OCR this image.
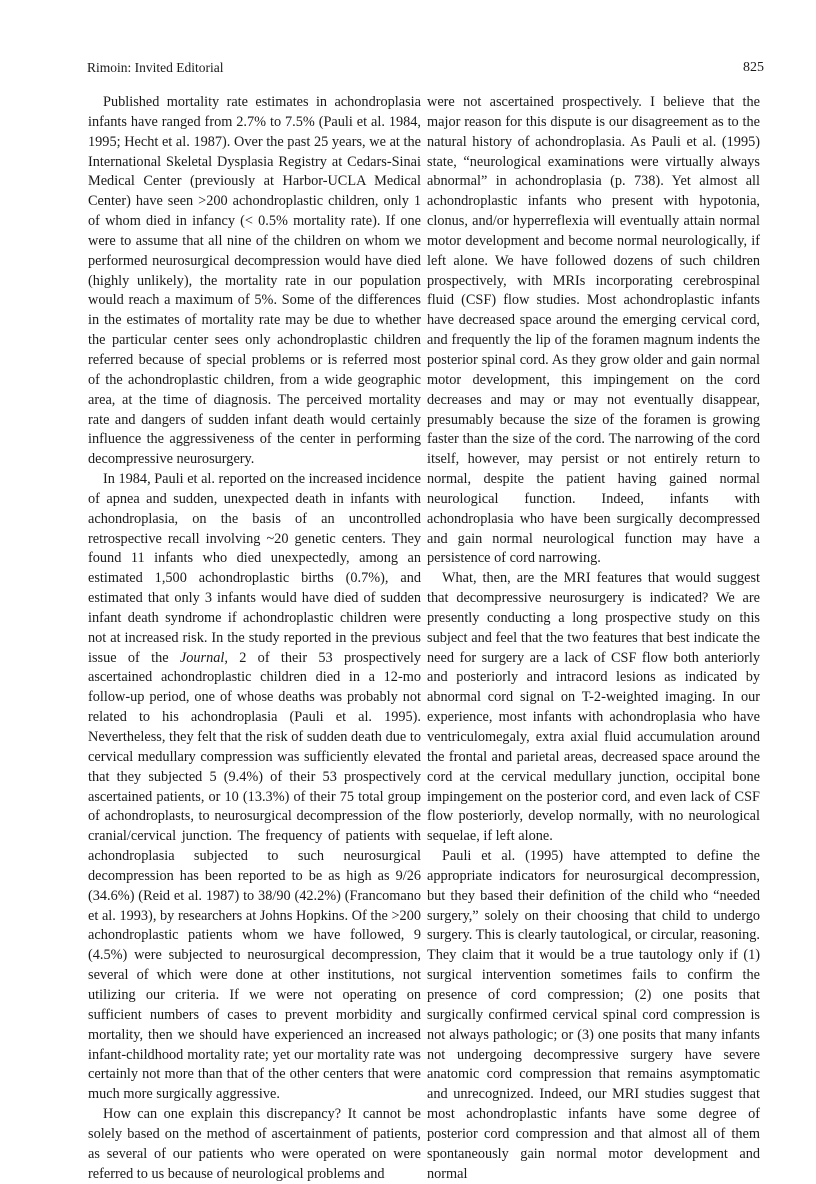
Rimoin: Invited Editorial	825

Published mortality rate estimates in achondroplasia infants have ranged from 2.7% to 7.5% (Pauli et al. 1984, 1995; Hecht et al. 1987). Over the past 25 years, we at the International Skeletal Dysplasia Registry at Cedars-Sinai Medical Center (previously at Harbor-UCLA Medical Center) have seen >200 achondroplastic children, only 1 of whom died in infancy (< 0.5% mortality rate). If one were to assume that all nine of the children on whom we performed neurosurgical decompression would have died (highly unlikely), the mortality rate in our population would reach a maximum of 5%. Some of the differences in the estimates of mortality rate may be due to whether the particular center sees only achondroplastic children referred because of special problems or is referred most of the achondroplastic children, from a wide geographic area, at the time of diagnosis. The perceived mortality rate and dangers of sudden infant death would certainly influence the aggressiveness of the center in performing decompressive neurosurgery.

In 1984, Pauli et al. reported on the increased incidence of apnea and sudden, unexpected death in infants with achondroplasia, on the basis of an uncontrolled retrospective recall involving ~20 genetic centers. They found 11 infants who died unexpectedly, among an estimated 1,500 achondroplastic births (0.7%), and estimated that only 3 infants would have died of sudden infant death syndrome if achondroplastic children were not at increased risk. In the study reported in the previous issue of the Journal, 2 of their 53 prospectively ascertained achondroplastic children died in a 12-mo follow-up period, one of whose deaths was probably not related to his achondroplasia (Pauli et al. 1995). Nevertheless, they felt that the risk of sudden death due to cervical medullary compression was sufficiently elevated that they subjected 5 (9.4%) of their 53 prospectively ascertained patients, or 10 (13.3%) of their 75 total group of achondroplasts, to neurosurgical decompression of the cranial/cervical junction. The frequency of patients with achondroplasia subjected to such neurosurgical decompression has been reported to be as high as 9/26 (34.6%) (Reid et al. 1987) to 38/90 (42.2%) (Francomano et al. 1993), by researchers at Johns Hopkins. Of the >200 achondroplastic patients whom we have followed, 9 (4.5%) were subjected to neurosurgical decompression, several of which were done at other institutions, not utilizing our criteria. If we were not operating on sufficient numbers of cases to prevent morbidity and mortality, then we should have experienced an increased infant-childhood mortality rate; yet our mortality rate was certainly not more than that of the other centers that were much more surgically aggressive.

How can one explain this discrepancy? It cannot be solely based on the method of ascertainment of patients, as several of our patients who were operated on were referred to us because of neurological problems and

were not ascertained prospectively. I believe that the major reason for this dispute is our disagreement as to the natural history of achondroplasia. As Pauli et al. (1995) state, “neurological examinations were virtually always abnormal” in achondroplasia (p. 738). Yet almost all achondroplastic infants who present with hypotonia, clonus, and/or hyperreflexia will eventually attain normal motor development and become normal neurologically, if left alone. We have followed dozens of such children prospectively, with MRIs incorporating cerebrospinal fluid (CSF) flow studies. Most achondroplastic infants have decreased space around the emerging cervical cord, and frequently the lip of the foramen magnum indents the posterior spinal cord. As they grow older and gain normal motor development, this impingement on the cord decreases and may or may not eventually disappear, presumably because the size of the foramen is growing faster than the size of the cord. The narrowing of the cord itself, however, may persist or not entirely return to normal, despite the patient having gained normal neurological function. Indeed, infants with achondroplasia who have been surgically decompressed and gain normal neurological function may have a persistence of cord narrowing.

What, then, are the MRI features that would suggest that decompressive neurosurgery is indicated? We are presently conducting a long prospective study on this subject and feel that the two features that best indicate the need for surgery are a lack of CSF flow both anteriorly and posteriorly and intracord lesions as indicated by abnormal cord signal on T-2-weighted imaging. In our experience, most infants with achondroplasia who have ventriculomegaly, extra axial fluid accumulation around the frontal and parietal areas, decreased space around the cord at the cervical medullary junction, occipital bone impingement on the posterior cord, and even lack of CSF flow posteriorly, develop normally, with no neurological sequelae, if left alone.

Pauli et al. (1995) have attempted to define the appropriate indicators for neurosurgical decompression, but they based their definition of the child who “needed surgery,” solely on their choosing that child to undergo surgery. This is clearly tautological, or circular, reasoning. They claim that it would be a true tautology only if (1) surgical intervention sometimes fails to confirm the presence of cord compression; (2) one posits that surgically confirmed cervical spinal cord compression is not always pathologic; or (3) one posits that many infants not undergoing decompressive surgery have severe anatomic cord compression that remains asymptomatic and unrecognized. Indeed, our MRI studies suggest that most achondroplastic infants have some degree of posterior cord compression and that almost all of them spontaneously gain normal motor development and normal
